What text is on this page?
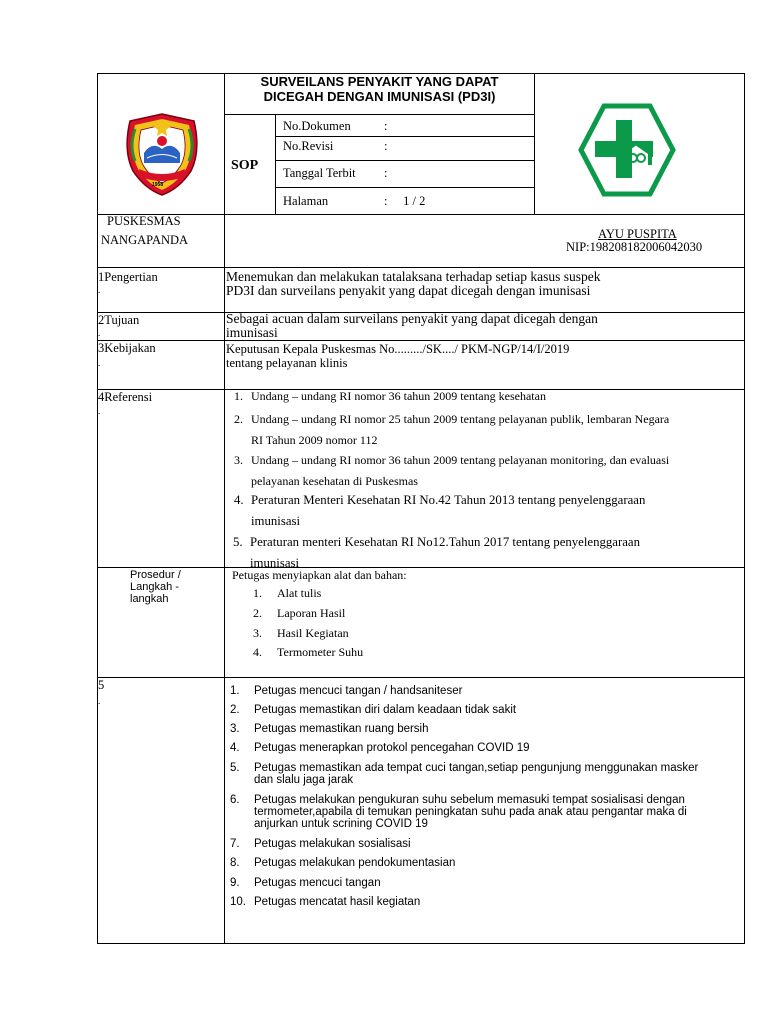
1958
SURVEILANS PENYAKIT YANG DAPAT
DICEGAH DENGAN IMUNISASI (PD3I)
SOP
No.Dokumen	:
No.Revisi	:
Tanggal Terbit :
Halaman	:     1 / 2
PUSKESMAS
NANGAPANDA	AYU PUSPITA
NIP:198208182006042030
1Pengertian
.
Menemukan dan melakukan tatalaksana terhadap setiap kasus suspek
PD3I dan surveilans penyakit yang dapat dicegah dengan imunisasi
2Tujuan
.
Sebagai acuan dalam surveilans penyakit yang dapat dicegah dengan
imunisasi
3Kebijakan
.
Keputusan Kepala Puskesmas No........./SK..../ PKM-NGP/14/I/2019
tentang pelayanan klinis
4Referensi
.
1. Undang – undang RI nomor 36 tahun 2009 tentang kesehatan
2. Undang – undang RI nomor 25 tahun 2009 tentang pelayanan publik, lembaran Negara
RI Tahun 2009 nomor 112
3. Undang – undang RI nomor 36 tahun 2009 tentang pelayanan monitoring, dan evaluasi
pelayanan kesehatan di Puskesmas
4. Peraturan Menteri Kesehatan RI No.42 Tahun 2013 tentang penyelenggaraan
imunisasi
5. Peraturan menteri Kesehatan RI No12.Tahun 2017 tentang penyelenggaraan
imunisasi
Prosedur /
Langkah -
langkah
Petugas menyiapkan alat dan bahan:
1. Alat tulis
2. Laporan Hasil
3. Hasil Kegiatan
4. Termometer Suhu
5
.
1. Petugas mencuci tangan / handsaniteser
2. Petugas memastikan diri dalam keadaan tidak sakit
3. Petugas memastikan ruang bersih
4. Petugas menerapkan protokol pencegahan COVID 19
5. Petugas memastikan ada tempat cuci tangan,setiap pengunjung menggunakan masker
dan slalu jaga jarak
6. Petugas melakukan pengukuran suhu sebelum memasuki tempat sosialisasi dengan
termometer,apabila di temukan peningkatan suhu pada anak atau pengantar maka di
anjurkan untuk scrining COVID 19
7. Petugas melakukan sosialisasi
8. Petugas melakukan pendokumentasian
9. Petugas mencuci tangan
10. Petugas mencatat hasil kegiatan
